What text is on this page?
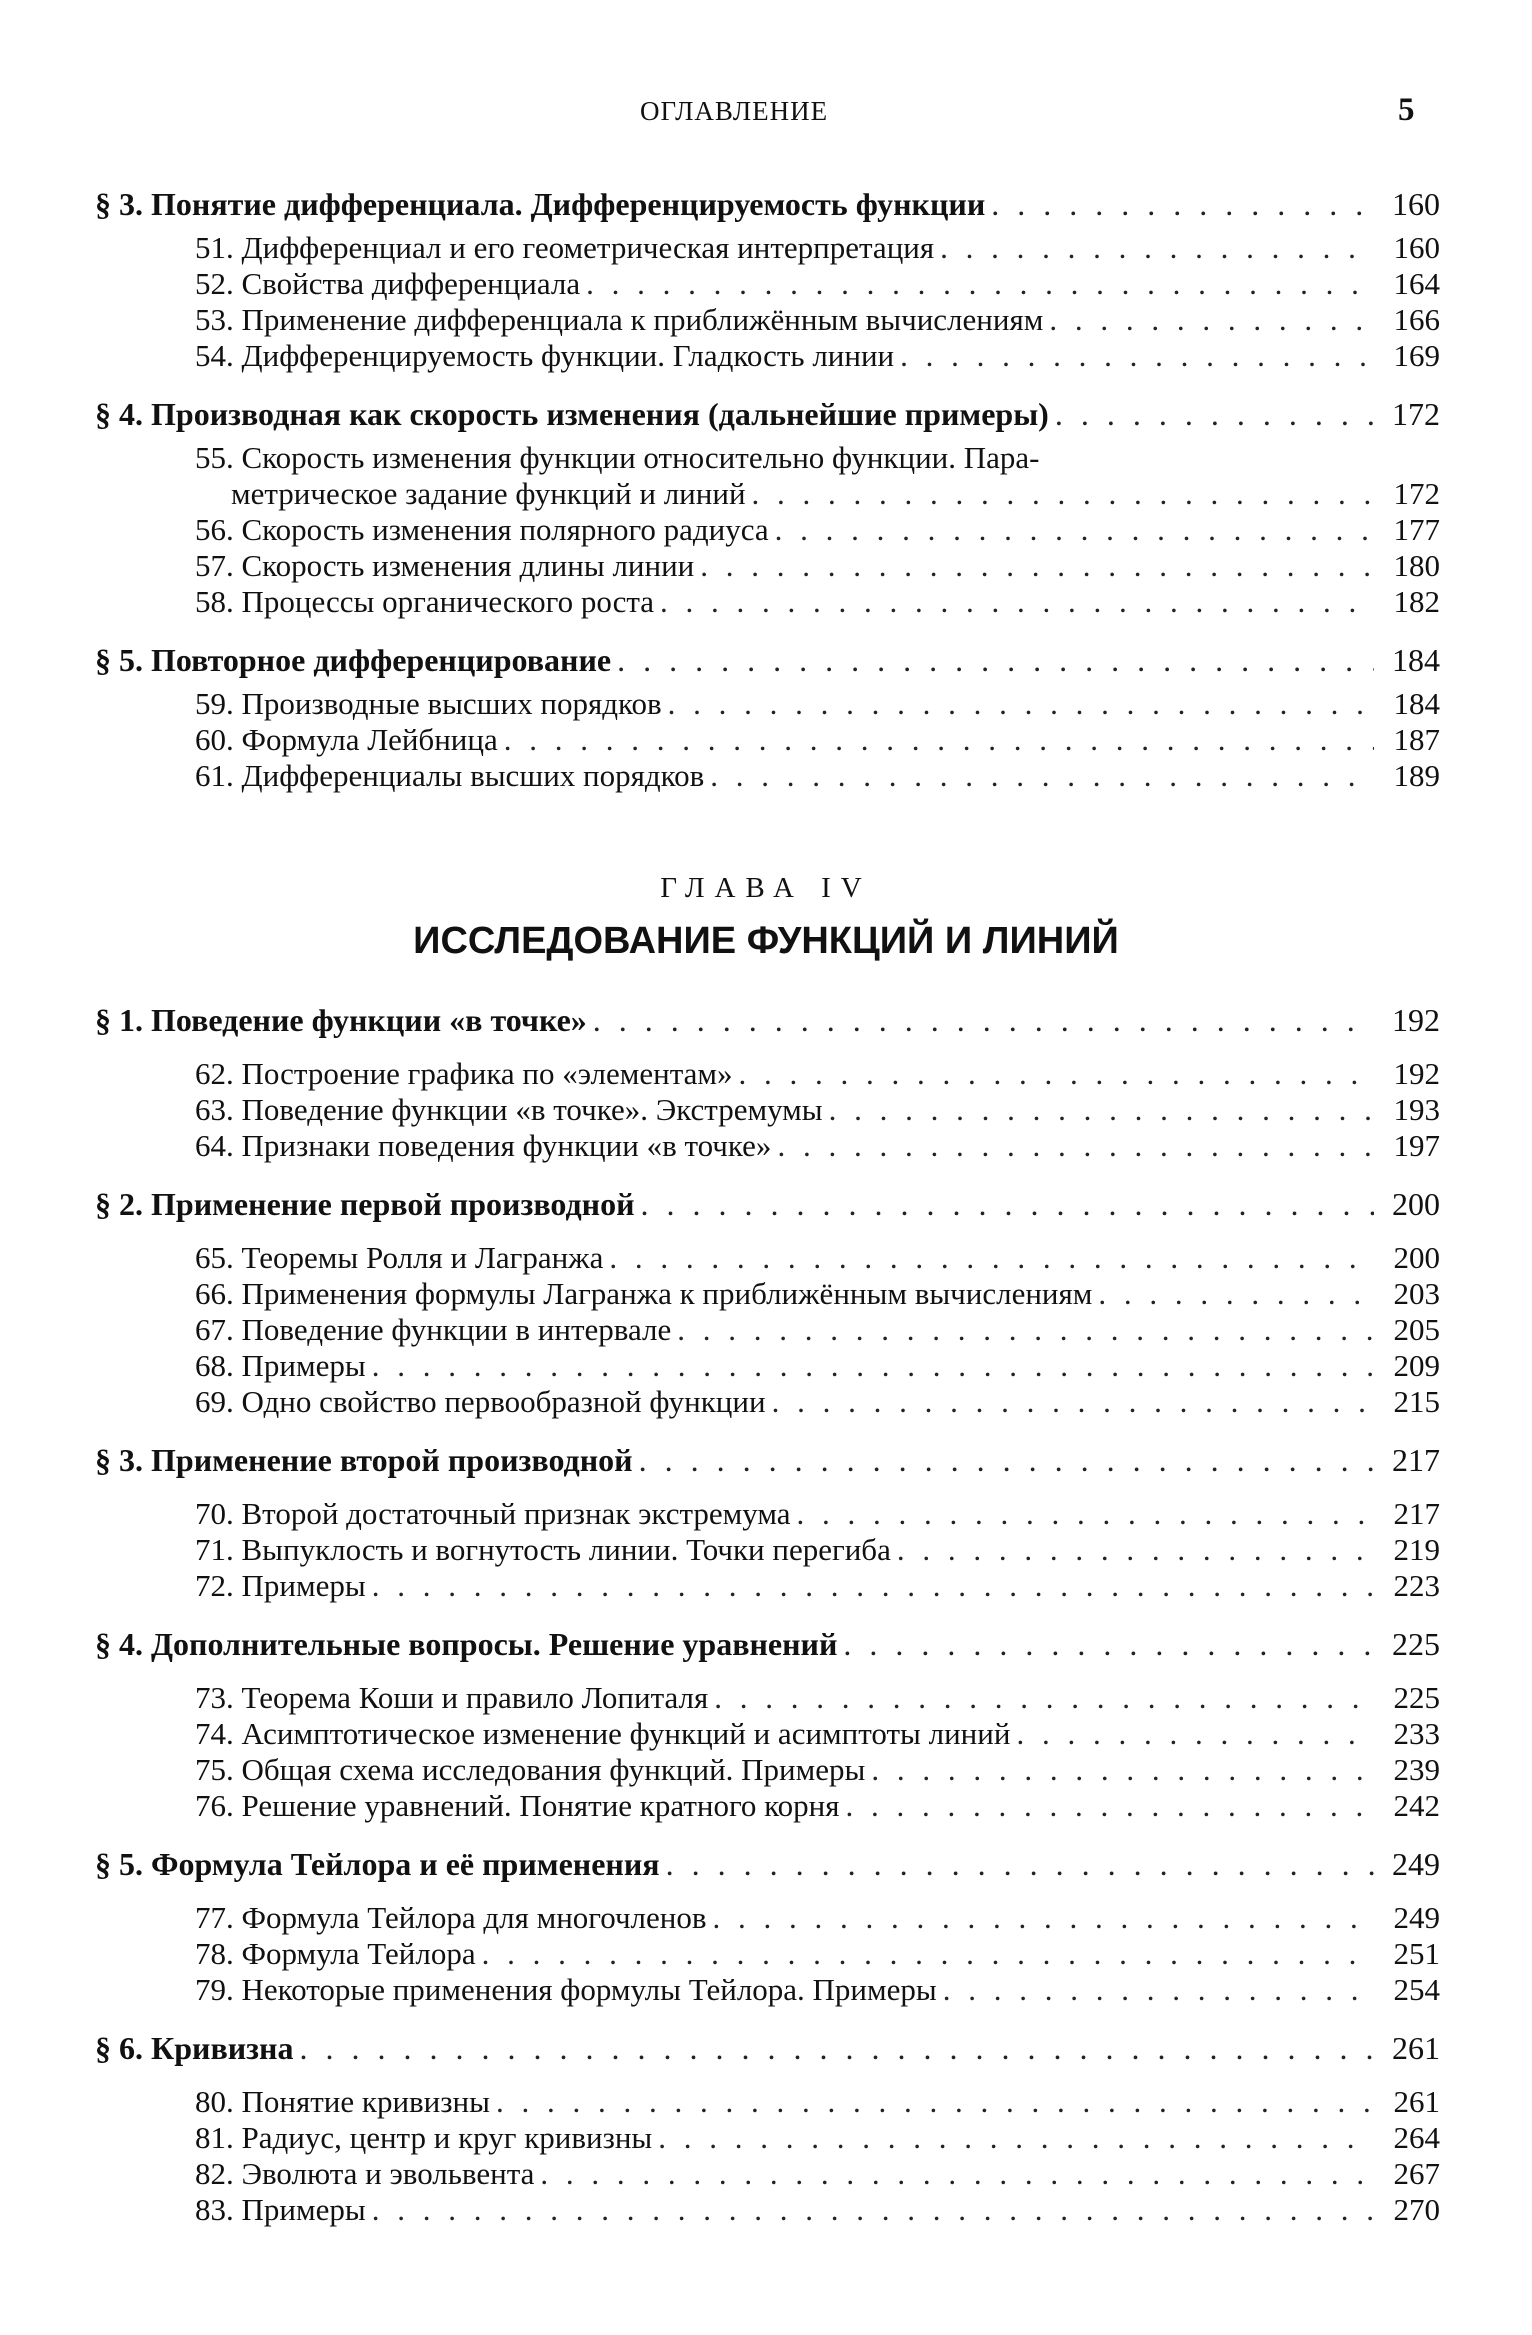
ОГЛАВЛЕНИЕ	5
§ 3. Понятие дифференциала. Дифференцируемость функции . . .	160
51. Дифференциал и его геометрическая интерпретация . . .	160
52. Свойства дифференциала . . .	164
53. Применение дифференциала к приближённым вычислениям . . .	166
54. Дифференцируемость функции. Гладкость линии . . .	169
§ 4. Производная как скорость изменения (дальнейшие примеры) . . .	172
55. Скорость изменения функции относительно функции. Пара-
метрическое задание функций и линий . . .	172
56. Скорость изменения полярного радиуса . . .	177
57. Скорость изменения длины линии . . .	180
58. Процессы органического роста . . .	182
§ 5. Повторное дифференцирование . . .	184
59. Производные высших порядков . . .	184
60. Формула Лейбница . . .	187
61. Дифференциалы высших порядков . . .	189
ГЛАВА IV
ИССЛЕДОВАНИЕ ФУНКЦИЙ И ЛИНИЙ
§ 1. Поведение функции «в точке» . . .	192
62. Построение графика по «элементам» . . .	192
63. Поведение функции «в точке». Экстремумы . . .	193
64. Признаки поведения функции «в точке» . . .	197
§ 2. Применение первой производной . . .	200
65. Теоремы Ролля и Лагранжа . . .	200
66. Применения формулы Лагранжа к приближённым вычислениям . . .	203
67. Поведение функции в интервале . . .	205
68. Примеры . . .	209
69. Одно свойство первообразной функции . . .	215
§ 3. Применение второй производной . . .	217
70. Второй достаточный признак экстремума . . .	217
71. Выпуклость и вогнутость линии. Точки перегиба . . .	219
72. Примеры . . .	223
§ 4. Дополнительные вопросы. Решение уравнений . . .	225
73. Теорема Коши и правило Лопиталя . . .	225
74. Асимптотическое изменение функций и асимптоты линий . . .	233
75. Общая схема исследования функций. Примеры . . .	239
76. Решение уравнений. Понятие кратного корня . . .	242
§ 5. Формула Тейлора и её применения . . .	249
77. Формула Тейлора для многочленов . . .	249
78. Формула Тейлора . . .	251
79. Некоторые применения формулы Тейлора. Примеры . . .	254
§ 6. Кривизна . . .	261
80. Понятие кривизны . . .	261
81. Радиус, центр и круг кривизны . . .	264
82. Эволюта и эвольвента . . .	267
83. Примеры . . .	270
